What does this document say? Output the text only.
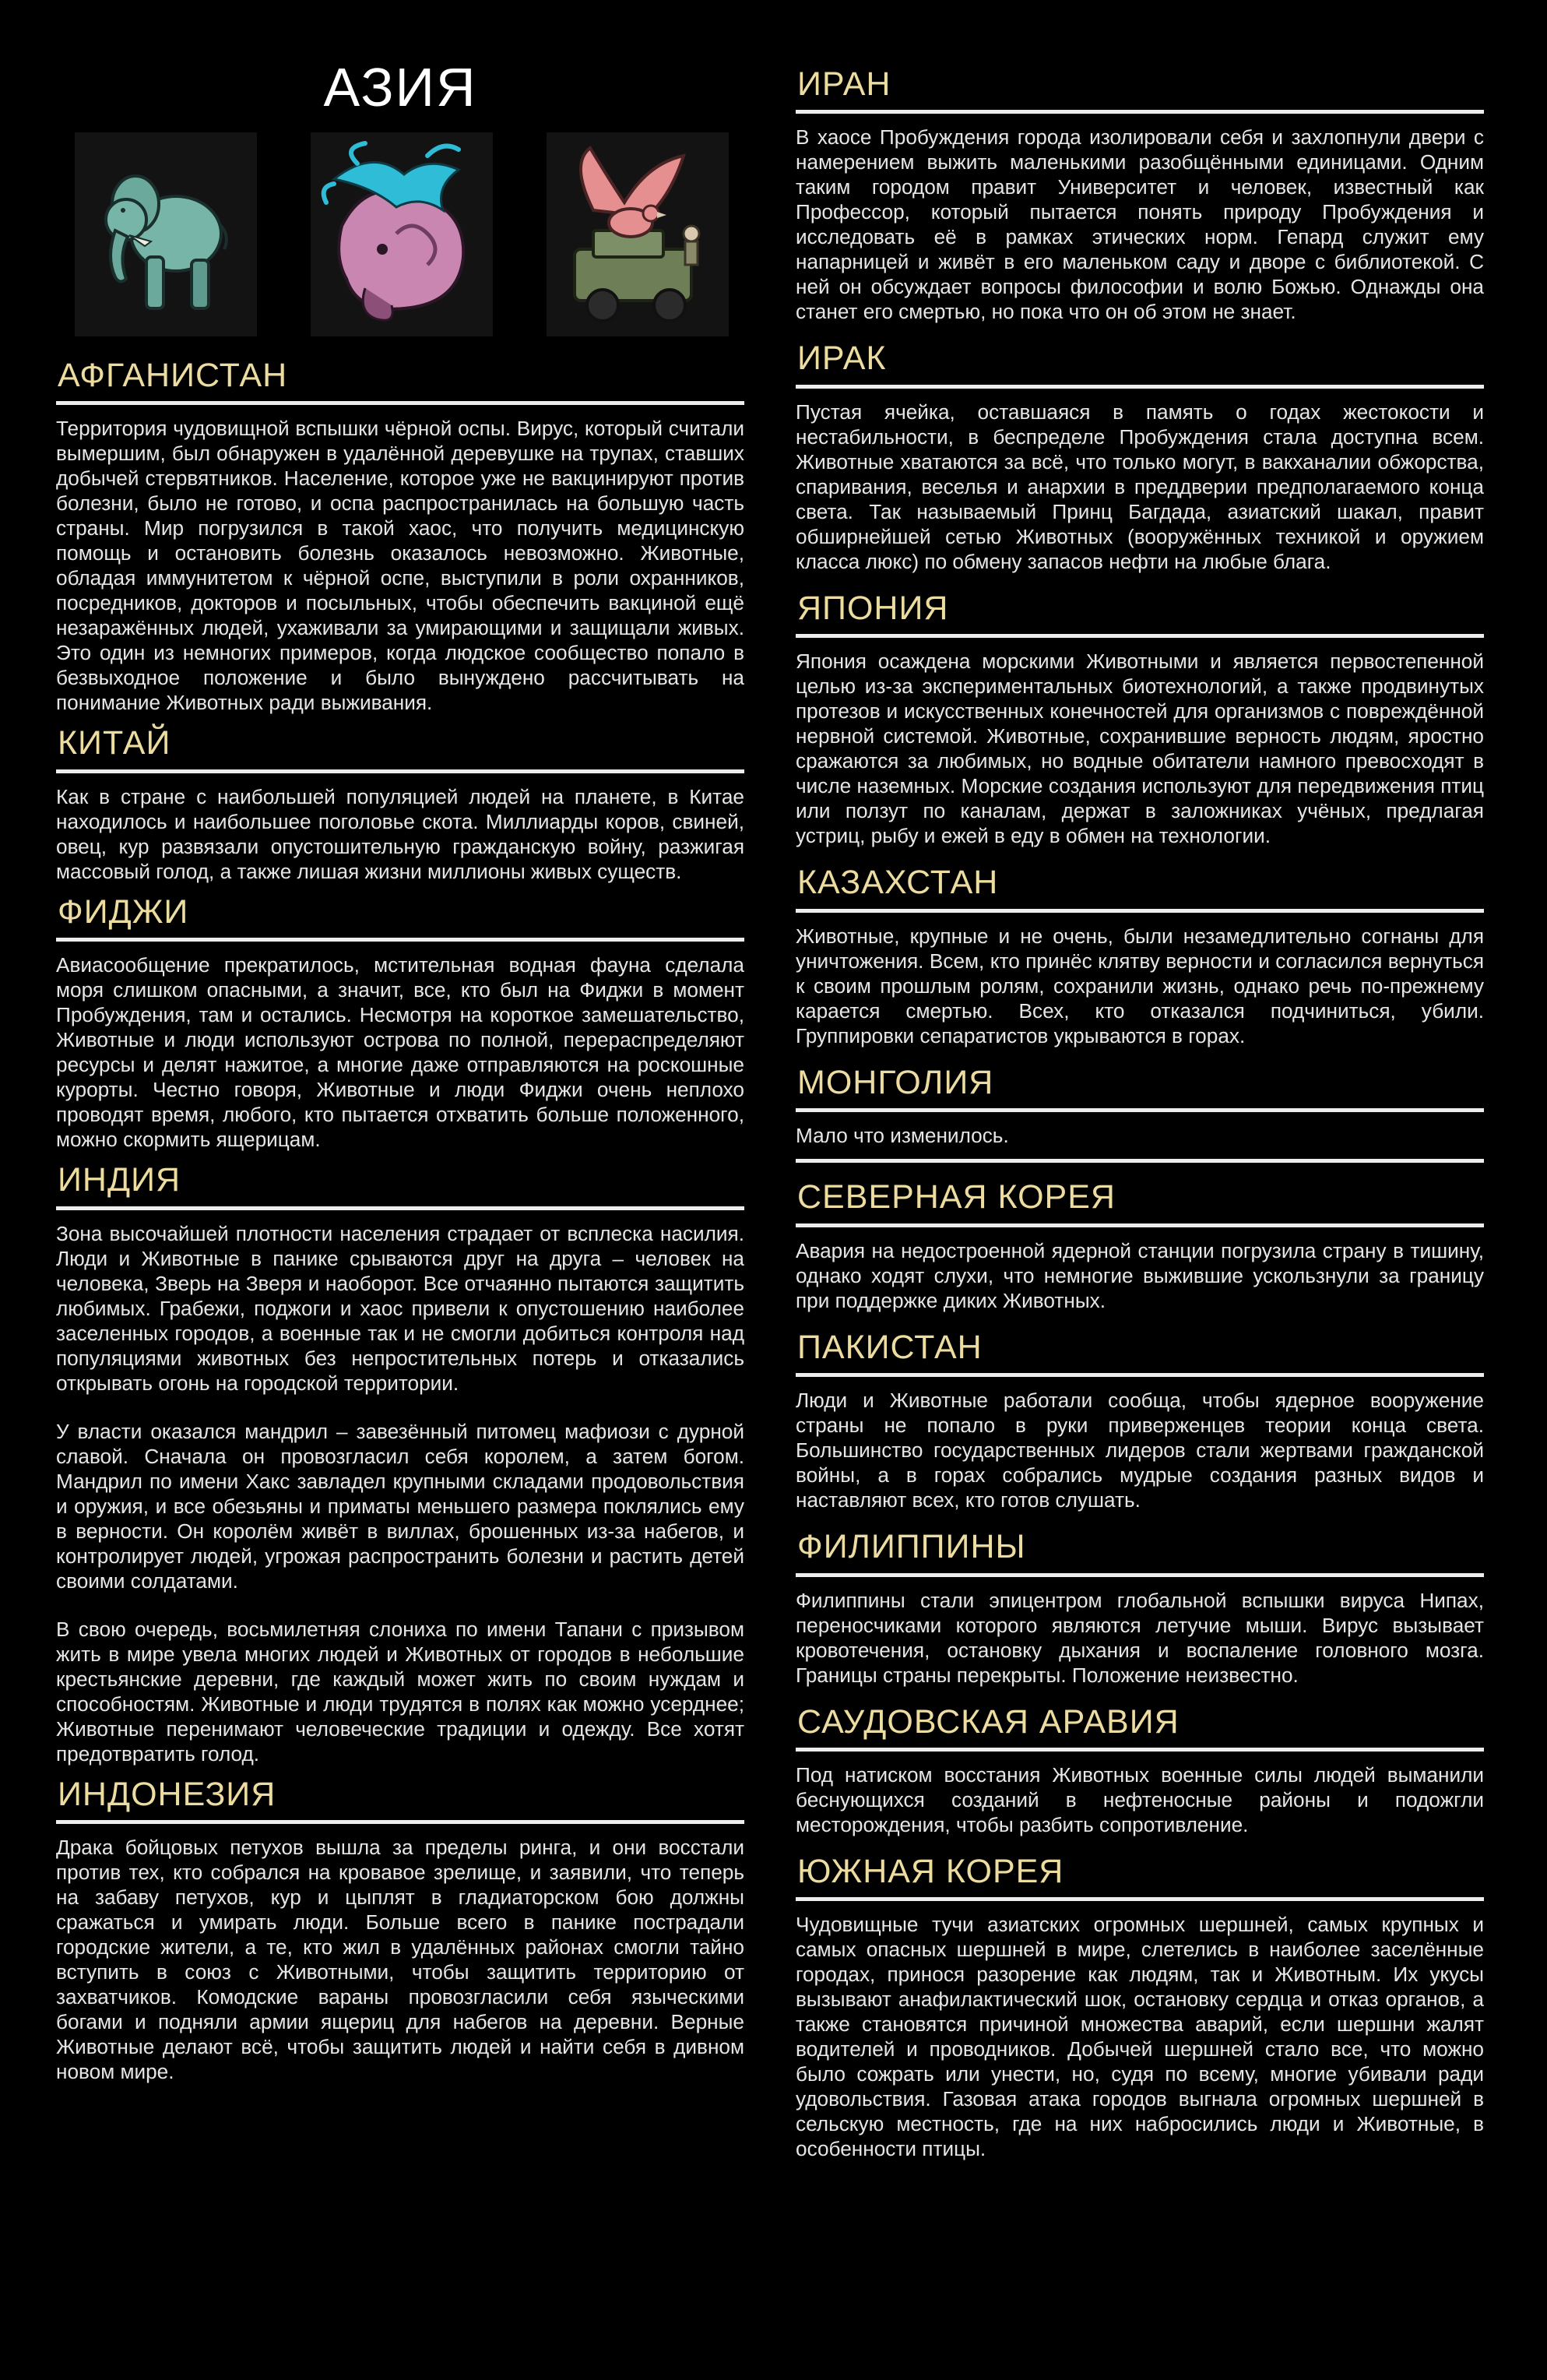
АЗИЯ
АФГАНИСТАН

Территория чудовищной вспышки чёрной оспы. Вирус, который считали вымершим, был обнаружен в удалённой деревушке на трупах, ставших добычей стервятников. Население, которое уже не вакцинируют против болезни, было не готово, и оспа распространилась на большую часть страны. Мир погрузился в такой хаос, что получить медицинскую помощь и остановить болезнь оказалось невозможно. Животные, обладая иммунитетом к чёрной оспе, выступили в роли охранников, посредников, докторов и посыльных, чтобы обеспечить вакциной ещё незаражённых людей, ухаживали за умирающими и защищали живых. Это один из немногих примеров, когда людское сообщество попало в безвыходное положение и было вынуждено рассчитывать на понимание Животных ради выживания.

КИТАЙ

Как в стране с наибольшей популяцией людей на планете, в Китае находилось и наибольшее поголовье скота. Миллиарды коров, свиней, овец, кур развязали опустошительную гражданскую войну, разжигая массовый голод, а также лишая жизни миллионы живых существ.

ФИДЖИ

Авиасообщение прекратилось, мстительная водная фауна сделала моря слишком опасными, а значит, все, кто был на Фиджи в момент Пробуждения, там и остались. Несмотря на короткое замешательство, Животные и люди используют острова по полной, перераспределяют ресурсы и делят нажитое, а многие даже отправляются на роскошные курорты. Честно говоря, Животные и люди Фиджи очень неплохо проводят время, любого, кто пытается отхватить больше положенного, можно скормить ящерицам.

ИНДИЯ

Зона высочайшей плотности населения страдает от всплеска насилия. Люди и Животные в панике срываются друг на друга – человек на человека, Зверь на Зверя и наоборот. Все отчаянно пытаются защитить любимых. Грабежи, поджоги и хаос привели к опустошению наиболее заселенных городов, а военные так и не смогли добиться контроля над популяциями животных без непростительных потерь и отказались открывать огонь на городской территории.

У власти оказался мандрил – завезённый питомец мафиози с дурной славой. Сначала он провозгласил себя королем, а затем богом. Мандрил по имени Хакс завладел крупными складами продовольствия и оружия, и все обезьяны и приматы меньшего размера поклялись ему в верности. Он королём живёт в виллах, брошенных из-за набегов, и контролирует людей, угрожая распространить болезни и растить детей своими солдатами.

В свою очередь, восьмилетняя слониха по имени Тапани с призывом жить в мире увела многих людей и Животных от городов в небольшие крестьянские деревни, где каждый может жить по своим нуждам и способностям. Животные и люди трудятся в полях как можно усерднее; Животные перенимают человеческие традиции и одежду. Все хотят предотвратить голод.

ИНДОНЕЗИЯ

Драка бойцовых петухов вышла за пределы ринга, и они восстали против тех, кто собрался на кровавое зрелище, и заявили, что теперь на забаву петухов, кур и цыплят в гладиаторском бою должны сражаться и умирать люди. Больше всего в панике пострадали городские жители, а те, кто жил в удалённых районах смогли тайно вступить в союз с Животными, чтобы защитить территорию от захватчиков. Комодские вараны провозгласили себя языческими богами и подняли армии ящериц для набегов на деревни. Верные Животные делают всё, чтобы защитить людей и найти себя в дивном новом мире.

ИРАН

В хаосе Пробуждения города изолировали себя и захлопнули двери с намерением выжить маленькими разобщёнными единицами. Одним таким городом правит Университет и человек, известный как Профессор, который пытается понять природу Пробуждения и исследовать её в рамках этических норм. Гепард служит ему напарницей и живёт в его маленьком саду и дворе с библиотекой. С ней он обсуждает вопросы философии и волю Божью. Однажды она станет его смертью, но пока что он об этом не знает.

ИРАК

Пустая ячейка, оставшаяся в память о годах жестокости и нестабильности, в беспределе Пробуждения стала доступна всем. Животные хватаются за всё, что только могут, в вакханалии обжорства, спаривания, веселья и анархии в преддверии предполагаемого конца света. Так называемый Принц Багдада, азиатский шакал, правит обширнейшей сетью Животных (вооружённых техникой и оружием класса люкс) по обмену запасов нефти на любые блага.

ЯПОНИЯ

Япония осаждена морскими Животными и является первостепенной целью из-за экспериментальных биотехнологий, а также продвинутых протезов и искусственных конечностей для организмов с повреждённой нервной системой. Животные, сохранившие верность людям, яростно сражаются за любимых, но водные обитатели намного превосходят в числе наземных. Морские создания используют для передвижения птиц или ползут по каналам, держат в заложниках учёных, предлагая устриц, рыбу и ежей в еду в обмен на технологии.

КАЗАХСТАН

Животные, крупные и не очень, были незамедлительно согнаны для уничтожения. Всем, кто принёс клятву верности и согласился вернуться к своим прошлым ролям, сохранили жизнь, однако речь по-прежнему карается смертью. Всех, кто отказался подчиниться, убили. Группировки сепаратистов укрываются в горах.

МОНГОЛИЯ

Мало что изменилось.

СЕВЕРНАЯ КОРЕЯ

Авария на недостроенной ядерной станции погрузила страну в тишину, однако ходят слухи, что немногие выжившие ускользнули за границу при поддержке диких Животных.

ПАКИСТАН

Люди и Животные работали сообща, чтобы ядерное вооружение страны не попало в руки приверженцев теории конца света. Большинство государственных лидеров стали жертвами гражданской войны, а в горах собрались мудрые создания разных видов и наставляют всех, кто готов слушать.

ФИЛИППИНЫ

Филиппины стали эпицентром глобальной вспышки вируса Нипах, переносчиками которого являются летучие мыши. Вирус вызывает кровотечения, остановку дыхания и воспаление головного мозга. Границы страны перекрыты. Положение неизвестно.

САУДОВСКАЯ АРАВИЯ

Под натиском восстания Животных военные силы людей выманили беснующихся созданий в нефтеносные районы и подожгли месторождения, чтобы разбить сопротивление.

ЮЖНАЯ КОРЕЯ

Чудовищные тучи азиатских огромных шершней, самых крупных и самых опасных шершней в мире, слетелись в наиболее заселённые городах, принося разорение как людям, так и Животным. Их укусы вызывают анафилактический шок, остановку сердца и отказ органов, а также становятся причиной множества аварий, если шершни жалят водителей и проводников. Добычей шершней стало все, что можно было сожрать или унести, но, судя по всему, многие убивали ради удовольствия. Газовая атака городов выгнала огромных шершней в сельскую местность, где на них набросились люди и Животные, в особенности птицы.
